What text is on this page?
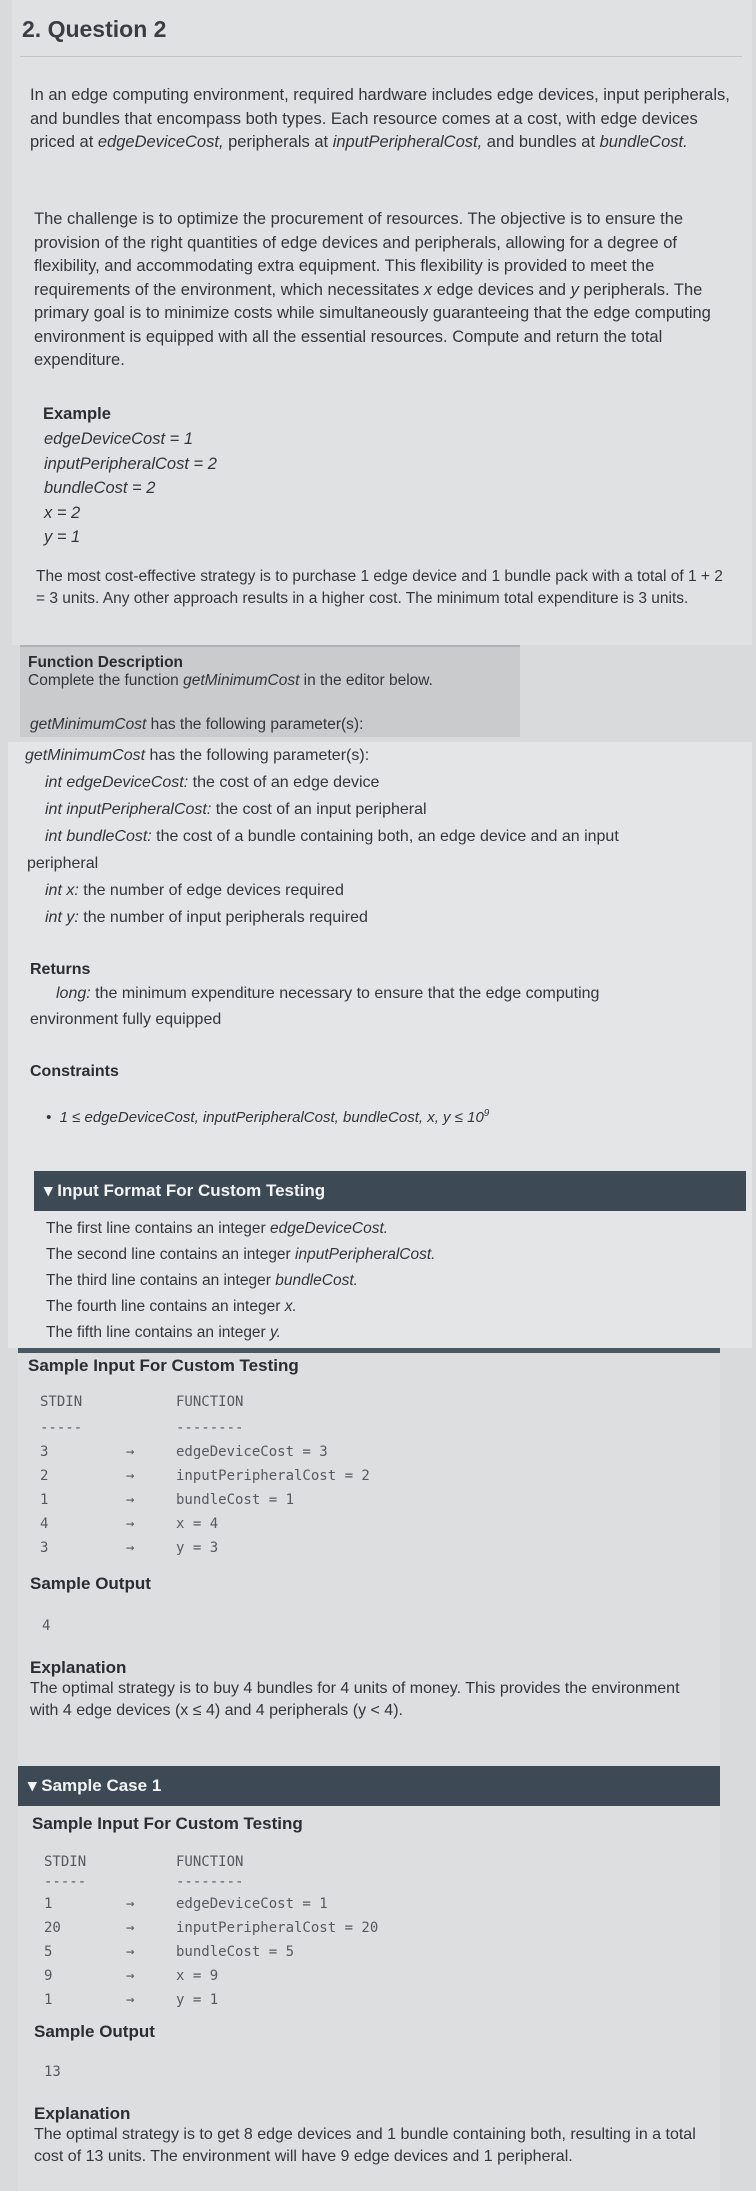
2. Question 2

In an edge computing environment, required hardware includes edge devices, input peripherals, and bundles that encompass both types. Each resource comes at a cost, with edge devices priced at edgeDeviceCost, peripherals at inputPeripheralCost, and bundles at bundleCost.

The challenge is to optimize the procurement of resources. The objective is to ensure the provision of the right quantities of edge devices and peripherals, allowing for a degree of flexibility, and accommodating extra equipment. This flexibility is provided to meet the requirements of the environment, which necessitates x edge devices and y peripherals. The primary goal is to minimize costs while simultaneously guaranteeing that the edge computing environment is equipped with all the essential resources. Compute and return the total expenditure.

Example
edgeDeviceCost = 1
inputPeripheralCost = 2
bundleCost = 2
x = 2
y = 1

The most cost-effective strategy is to purchase 1 edge device and 1 bundle pack with a total of 1 + 2 = 3 units. Any other approach results in a higher cost. The minimum total expenditure is 3 units.

Function Description
Complete the function getMinimumCost in the editor below.
getMinimumCost has the following parameter(s):
getMinimumCost has the following parameter(s):
int edgeDeviceCost: the cost of an edge device
int inputPeripheralCost: the cost of an input peripheral
int bundleCost: the cost of a bundle containing both, an edge device and an input
peripheral
int x: the number of edge devices required
int y: the number of input peripherals required
Returns
long: the minimum expenditure necessary to ensure that the edge computing
environment fully equipped
Constraints
•  1 ≤ edgeDeviceCost, inputPeripheralCost, bundleCost, x, $y \le 10^9$
▾ Input Format For Custom Testing
The first line contains an integer edgeDeviceCost.
The second line contains an integer inputPeripheralCost.
The third line contains an integer bundleCost.
The fourth line contains an integer x.
The fifth line contains an integer y.
Sample Input For Custom Testing
STDIN
-----
FUNCTION
--------
3
2
1
4
3
→
→
→
→
→
edgeDeviceCost = 3
inputPeripheralCost = 2
bundleCost = 1
x = 4
y = 3
Sample Output
4
Explanation

The optimal strategy is to buy 4 bundles for 4 units of money. This provides the environment with 4 edge devices (x ≤ 4) and 4 peripherals (y < 4).

▾ Sample Case 1
Sample Input For Custom Testing
STDIN
-----
FUNCTION
--------
1
20
5
9
1
→
→
→
→
→
edgeDeviceCost = 1
inputPeripheralCost = 20
bundleCost = 5
x = 9
y = 1
Sample Output
13
Explanation

The optimal strategy is to get 8 edge devices and 1 bundle containing both, resulting in a total cost of 13 units. The environment will have 9 edge devices and 1 peripheral.
